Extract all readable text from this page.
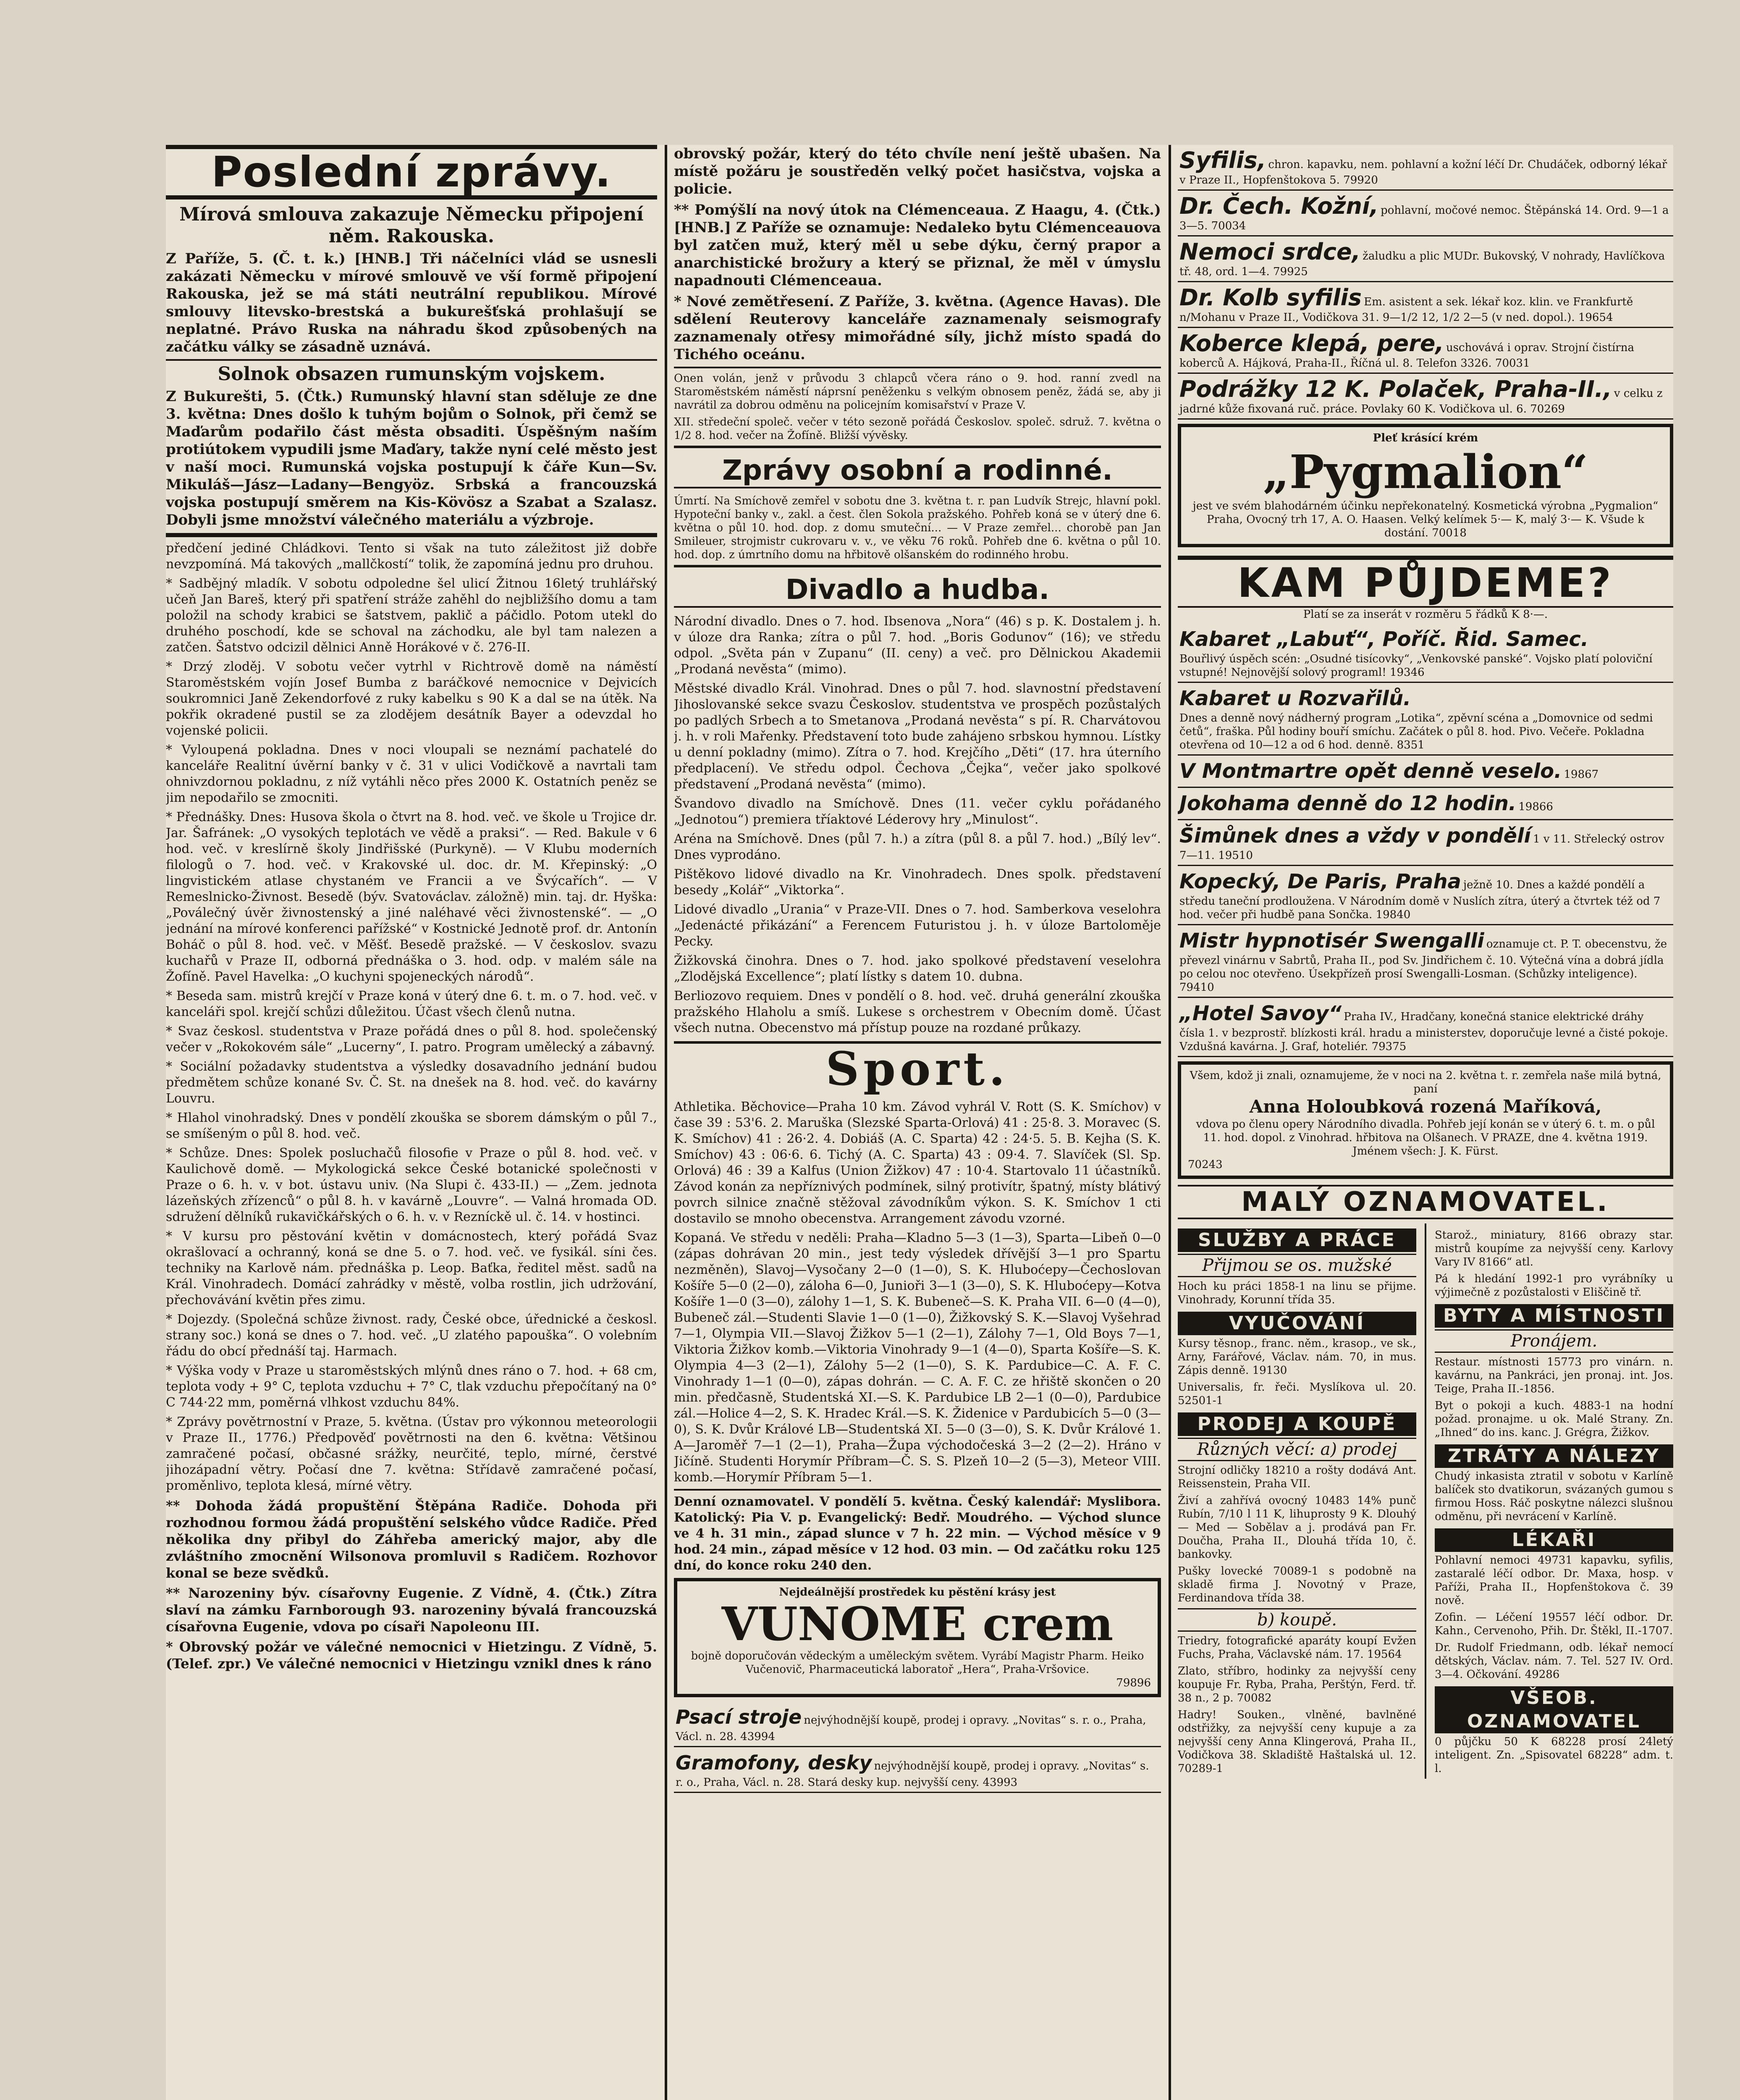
Poslední zprávy.
Mírová smlouva zakazuje Německu připojení něm. Rakouska.

Z Paříže, 5. (Č. t. k.) [HNB.] Tři náčelníci vlád se usnesli zakázati Německu v mírové smlouvě ve vší formě připojení Rakouska, jež se má státi neutrální republikou. Mírové smlouvy litevsko-brestská a bukurešťská prohlašují se neplatné. Právo Ruska na náhradu škod způsobených na začátku války se zásadně uznává.

Solnok obsazen rumunským vojskem.

Z Bukurešti, 5. (Čtk.) Rumunský hlavní stan sděluje ze dne 3. května: Dnes došlo k tuhým bojům o Solnok, při čemž se Maďarům podařilo část města obsaditi. Úspěšným naším protiútokem vypudili jsme Maďary, takže nyní celé město jest v naší moci. Rumunská vojska postupují k čáře Kun—Sv. Mikuláš—Jász—Ladany—Bengyöz. Srbská a francouzská vojska postupují směrem na Kis-Kövösz a Szabat a Szalasz. Dobyli jsme množství válečného materiálu a výzbroje.

předčení jediné Chládkovi. Tento si však na tuto záležitost již dobře nevzpomíná. Má takových „mallčkostí“ tolik, že zapomíná jednu pro druhou.

* Sadbějný mladík. V sobotu odpoledne šel ulicí Žitnou 16letý truhlářský učeň Jan Bareš, který při spatření stráže zahěhl do nejbližšího domu a tam položil na schody krabici se šatstvem, paklič a páčidlo. Potom utekl do druhého poschodí, kde se schoval na záchodku, ale byl tam nalezen a zatčen. Šatstvo odcizil dělnici Anně Horákové v č. 276-II.

* Drzý zloděj. V sobotu večer vytrhl v Richtrově domě na náměstí Staroměstském vojín Josef Bumba z baráčkové nemocnice v Dejvicích soukromnici Janě Zekendorfové z ruky kabelku s 90 K a dal se na útěk. Na pokřik okradené pustil se za zlodějem desátník Bayer a odevzdal ho vojenské policii.

* Vyloupená pokladna. Dnes v noci vloupali se neznámí pachatelé do kanceláře Realitní úvěrní banky v č. 31 v ulici Vodičkově a navrtali tam ohnivzdornou pokladnu, z níž vytáhli něco přes 2000 K. Ostatních peněz se jim nepodařilo se zmocniti.

* Přednášky. Dnes: Husova škola o čtvrt na 8. hod. več. ve škole u Trojice dr. Jar. Šafránek: „O vysokých teplotách ve vědě a praksi“. — Red. Bakule v 6 hod. več. v kreslírně školy Jindřišské (Purkyně). — V Klubu moderních filologů o 7. hod. več. v Krakovské ul. doc. dr. M. Křepinský: „O lingvistickém atlase chystaném ve Francii a ve Švýcařích“. — V Remeslnicko-Živnost. Besedě (býv. Svatováclav. záložně) min. taj. dr. Hyška: „Poválečný úvěr živnostenský a jiné naléhavé věci živnostenské“. — „O jednání na mírové konferenci pařížské“ v Kostnické Jednotě prof. dr. Antonín Boháč o půl 8. hod. več. v Měšť. Besedě pražské. — V českoslov. svazu kuchařů v Praze II, odborná přednáška o 3. hod. odp. v malém sále na Žofíně. Pavel Havelka: „O kuchyni spojeneckých národů“.

* Beseda sam. mistrů krejčí v Praze koná v úterý dne 6. t. m. o 7. hod. več. v kanceláři spol. krejčí schůzi důležitou. Účast všech členů nutna.

* Svaz českosl. studentstva v Praze pořádá dnes o půl 8. hod. společenský večer v „Rokokovém sále“ „Lucerny“, I. patro. Program umělecký a zábavný.

* Sociální požadavky studentstva a výsledky dosavadního jednání budou předmětem schůze konané Sv. Č. St. na dnešek na 8. hod. več. do kavárny Louvru.

* Hlahol vinohradský. Dnes v pondělí zkouška se sborem dámským o půl 7., se smíšeným o půl 8. hod. več.

* Schůze. Dnes: Spolek posluchačů filosofie v Praze o půl 8. hod. več. v Kaulichově domě. — Mykologická sekce České botanické společnosti v Praze o 6. h. v. v bot. ústavu univ. (Na Slupi č. 433-II.) — „Zem. jednota lázeňských zřízenců“ o půl 8. h. v kavárně „Louvre“. — Valná hromada OD. sdružení dělníků rukavičkářských o 6. h. v. v Rezníckě ul. č. 14. v hostinci.

* V kursu pro pěstování květin v domácnostech, který pořádá Svaz okrašlovací a ochranný, koná se dne 5. o 7. hod. več. ve fysikál. síni čes. techniky na Karlově nám. přednáška p. Leop. Baťka, ředitel měst. sadů na Král. Vinohradech. Domácí zahrádky v městě, volba rostlin, jich udržování, přechovávání květin přes zimu.

* Dojezdy. (Společná schůze živnost. rady, České obce, úřednické a českosl. strany soc.) koná se dnes o 7. hod. več. „U zlatého papouška“. O volebním řádu do obcí přednáší taj. Harmach.

* Výška vody v Praze u staroměstských mlýnů dnes ráno o 7. hod. + 68 cm, teplota vody + 9° C, teplota vzduchu + 7° C, tlak vzduchu přepočítaný na 0° C 744·22 mm, poměrná vlhkost vzduchu 84%.

* Zprávy povětrnostní v Praze, 5. května. (Ústav pro výkonnou meteorologii v Praze II., 1776.) Předpověď povětrnosti na den 6. května: Většinou zamračené počasí, občasné srážky, neurčité, teplo, mírné, čerstvé jihozápadní větry. Počasí dne 7. května: Střídavě zamračené počasí, proměnlivo, teplota klesá, mírné větry.

** Dohoda žádá propuštění Štěpána Radiče. Dohoda při rozhodnou formou žádá propuštění selského vůdce Radiče. Před několika dny přibyl do Záhřeba americký major, aby dle zvláštního zmocnění Wilsonova promluvil s Radičem. Rozhovor konal se beze svědků.

** Narozeniny býv. císařovny Eugenie. Z Vídně, 4. (Čtk.) Zítra slaví na zámku Farnborough 93. narozeniny bývalá francouzská císařovna Eugenie, vdova po císaři Napoleonu III.

* Obrovský požár ve válečné nemocnici v Hietzingu. Z Vídně, 5. (Telef. zpr.) Ve válečné nemocnici v Hietzingu vznikl dnes k ráno

obrovský požár, který do této chvíle není ještě ubašen. Na místě požáru je soustředěn velký počet hasičstva, vojska a policie.

** Pomýšlí na nový útok na Clémenceaua. Z Haagu, 4. (Čtk.) [HNB.] Z Paříže se oznamuje: Nedaleko bytu Clémenceauova byl zatčen muž, který měl u sebe dýku, černý prapor a anarchistické brožury a který se přiznal, že měl v úmyslu napadnouti Clémenceaua.

* Nové zemětřesení. Z Paříže, 3. května. (Agence Havas). Dle sdělení Reuterovy kanceláře zaznamenaly seismografy zaznamenaly otřesy mimořádné síly, jichž místo spadá do Tichého oceánu.

Onen volán, jenž v průvodu 3 chlapců včera ráno o 9. hod. ranní zvedl na Staroměstském náměstí náprsní peněženku s velkým obnosem peněz, žádá se, aby ji navrátil za dobrou odměnu na policejním komisařství v Praze V.

XII. středeční společ. večer v této sezoně pořádá Českoslov. společ. sdruž. 7. května o 1/2 8. hod. večer na Žofíně. Bližší vývěsky.

Zprávy osobní a rodinné.

Úmrtí. Na Smíchově zemřel v sobotu dne 3. května t. r. pan Ludvík Strejc, hlavní pokl. Hypoteční banky v., zakl. a čest. člen Sokola pražského. Pohřeb koná se v úterý dne 6. května o půl 10. hod. dop. z domu smuteční... — V Praze zemřel... chorobě pan Jan Smileuer, strojmistr cukrovaru v. v., ve věku 76 roků. Pohřeb dne 6. května o půl 10. hod. dop. z úmrtního domu na hřbitově olšanském do rodinného hrobu.

Divadlo a hudba.

Národní divadlo. Dnes o 7. hod. Ibsenova „Nora“ (46) s p. K. Dostalem j. h. v úloze dra Ranka; zítra o půl 7. hod. „Boris Godunov“ (16); ve středu odpol. „Světa pán v Zupanu“ (II. ceny) a več. pro Dělnickou Akademii „Prodaná nevěsta“ (mimo).

Městské divadlo Král. Vinohrad. Dnes o půl 7. hod. slavnostní představení Jihoslovanské sekce svazu Českoslov. studentstva ve prospěch pozůstalých po padlých Srbech a to Smetanova „Prodaná nevěsta“ s pí. R. Charvátovou j. h. v roli Mařenky. Představení toto bude zahájeno srbskou hymnou. Lístky u denní pokladny (mimo). Zítra o 7. hod. Krejčího „Děti“ (17. hra úterního předplacení). Ve středu odpol. Čechova „Čejka“, večer jako spolkové představení „Prodaná nevěsta“ (mimo).

Švandovo divadlo na Smíchově. Dnes (11. večer cyklu pořádaného „Jednotou“) premiera tříaktové Léderovy hry „Minulost“.

Aréna na Smíchově. Dnes (půl 7. h.) a zítra (půl 8. a půl 7. hod.) „Bílý lev“. Dnes vyprodáno.

Pištěkovo lidové divadlo na Kr. Vinohradech. Dnes spolk. představení besedy „Kolář“ „Viktorka“.

Lidové divadlo „Urania“ v Praze-VII. Dnes o 7. hod. Samberkova veselohra „Jedenácté přikázání“ a Ferencem Futuristou j. h. v úloze Bartoloměje Pecky.

Žižkovská činohra. Dnes o 7. hod. jako spolkové představení veselohra „Zlodějská Excellence“; platí lístky s datem 10. dubna.

Berliozovo requiem. Dnes v pondělí o 8. hod. več. druhá generální zkouška pražského Hlaholu a smíš. Lukese s orchestrem v Obecním domě. Účast všech nutna. Obecenstvo má přístup pouze na rozdané průkazy.

Sport.

Athletika. Běchovice—Praha 10 km. Závod vyhrál V. Rott (S. K. Smíchov) v čase 39 : 53'6. 2. Maruška (Slezské Sparta-Orlová) 41 : 25·8. 3. Moravec (S. K. Smíchov) 41 : 26·2. 4. Dobiáš (A. C. Sparta) 42 : 24·5. 5. B. Kejha (S. K. Smíchov) 43 : 06·6. 6. Tichý (A. C. Sparta) 43 : 09·4. 7. Slavíček (Sl. Sp. Orlová) 46 : 39 a Kalfus (Union Žižkov) 47 : 10·4. Startovalo 11 účastníků. Závod konán za nepříznivých podmínek, silný protivítr, špatný, místy blátivý povrch silnice značně stěžoval závodníkům výkon. S. K. Smíchov 1 cti dostavilo se mnoho obecenstva. Arrangement závodu vzorné.

Kopaná. Ve středu v neděli: Praha—Kladno 5—3 (1—3), Sparta—Libeň 0—0 (zápas dohrávan 20 min., jest tedy výsledek dřívější 3—1 pro Spartu nezměněn), Slavoj—Vysočany 2—0 (1—0), S. K. Hluboćepy—Čechoslovan Košíře 5—0 (2—0), záloha 6—0, Junioři 3—1 (3—0), S. K. Hluboćepy—Kotva Košíře 1—0 (3—0), zálohy 1—1, S. K. Bubeneč—S. K. Praha VII. 6—0 (4—0), Bubeneč zál.—Studenti Slavie 1—0 (1—0), Žižkovský S. K.—Slavoj Vyšehrad 7—1, Olympia VII.—Slavoj Žižkov 5—1 (2—1), Zálohy 7—1, Old Boys 7—1, Viktoria Žižkov komb.—Viktoria Vinohrady 9—1 (4—0), Sparta Košíře—S. K. Olympia 4—3 (2—1), Zálohy 5—2 (1—0), S. K. Pardubice—C. A. F. C. Vinohrady 1—1 (0—0), zápas dohrán. — C. A. F. C. ze hřiště skončen o 20 min. předčasně, Studentská XI.—S. K. Pardubice LB 2—1 (0—0), Pardubice zál.—Holice 4—2, S. K. Hradec Král.—S. K. Židenice v Pardubicích 5—0 (3—0), S. K. Dvůr Králové LB—Studentská XI. 5—0 (3—0), S. K. Dvůr Králové 1. A—Jaroměř 7—1 (2—1), Praha—Župa východočeská 3—2 (2—2). Hráno v Jičíně. Studenti Horymír Příbram—Č. S. S. Plzeň 10—2 (5—3), Meteor VIII. komb.—Horymír Příbram 5—1.

Denní oznamovatel. V pondělí 5. května. Český kalendář: Myslibora. Katolický: Pia V. p. Evangelický: Bedř. Moudrého. — Východ slunce ve 4 h. 31 min., západ slunce v 7 h. 22 min. — Východ měsíce v 9 hod. 24 min., západ měsíce v 12 hod. 03 min. — Od začátku roku 125 dní, do konce roku 240 den.

Nejdeálnější prostředek ku pěstění krásy jest
VUNOME crem
bojně doporučován vědeckým a uměleckým světem. Vyrábí Magistr Pharm. Heiko Vučenovič, Pharmaceutická laboratoř „Hera“, Praha-Vršovice.
79896
Psací stroje nejvýhodnější koupě, prodej i opravy. „Novitas“ s. r. o., Praha, Václ. n. 28. 43994
Gramofony, desky nejvýhodnější koupě, prodej i opravy. „Novitas“ s. r. o., Praha, Václ. n. 28. Stará desky kup. nejvyšší ceny. 43993
Syfilis, chron. kapavku, nem. pohlavní a kožní léčí Dr. Chudáček, odborný lékař v Praze II., Hopfenštokova 5. 79920
Dr. Čech. Kožní, pohlavní, močové nemoc. Štěpánská 14. Ord. 9—1 a 3—5. 70034
Nemoci srdce, žaludku a plic MUDr. Bukovský, V nohrady, Havlíčkova tř. 48, ord. 1—4. 79925
Dr. Kolb syfilis Em. asistent a sek. lékař koz. klin. ve Frankfurtě n/Mohanu v Praze II., Vodičkova 31. 9—1/2 12, 1/2 2—5 (v ned. dopol.). 19654
Koberce klepá, pere, uschovává i oprav. Strojní čistírna koberců A. Hájková, Praha-II., Říčná ul. 8. Telefon 3326. 70031
Podrážky 12 K. Polaček, Praha-II., v celku z jadrné kůže fixovaná ruč. práce. Povlaky 60 K. Vodičkova ul. 6. 70269
Pleť krásící krém
„Pygmalion“
jest ve svém blahodárném účinku nepřekonatelný. Kosmetická výrobna „Pygmalion“ Praha, Ovocný trh 17, A. O. Haasen. Velký kelímek 5·— K, malý 3·— K. Všude k dostání. 70018
KAM PŮJDEME?
Platí se za inserát v rozměru 5 řádků K 8·—.
Kabaret „Labuť“, Poříč. Řid. Samec.
Bouřlivý úspěch scén: „Osudné tisícovky“, „Venkovské panské“. Vojsko platí poloviční vstupné! Nejnovější solový programl! 19346
Kabaret u Rozvařilů.
Dnes a denně nový nádherný program „Lotika“, zpěvní scéna a „Domovnice od sedmi četů“, fraška. Půl hodiny bouří smíchu. Začátek o půl 8. hod. Pivo. Večeře. Pokladna otevřena od 10—12 a od 6 hod. denně. 8351
V Montmartre opět denně veselo. 19867
Jokohama denně do 12 hodin. 19866
Šimůnek dnes a vždy v pondělí 1 v 11. Střelecký ostrov 7—11. 19510
Kopecký, De Paris, Praha ježně 10. Dnes a každé pondělí a středu taneční prodloužena. V Národním domě v Nuslích zítra, úterý a čtvrtek též od 7 hod. večer při hudbě pana Sončka. 19840
Mistr hypnotisér Swengalli oznamuje ct. P. T. obecenstvu, že převezl vinárnu v Sabrtů, Praha II., pod Sv. Jindřichem č. 10. Výtečná vína a dobrá jídla po celou noc otevřeno. Úsekpřízeň prosí Swengalli-Losman. (Schůzky inteligence). 79410
„Hotel Savoy“ Praha IV., Hradčany, konečná stanice elektrické dráhy čísla 1. v bezprostř. blízkosti král. hradu a ministerstev, doporučuje levné a čisté pokoje. Vzdušná kavárna. J. Graf, hoteliér. 79375
Všem, kdož ji znali, oznamujeme, že v noci na 2. května t. r. zemřela naše milá bytná, paní
Anna Holoubková rozená Maříková,
vdova po členu opery Národního divadla. Pohřeb její konán se v úterý 6. t. m. o půl 11. hod. dopol. z Vinohrad. hřbitova na Olšanech. V PRAZE, dne 4. května 1919. Jménem všech: J. K. Fürst.
70243
MALÝ OZNAMOVATEL.
SLUŽBY A PRÁCE
Přijmou se os. mužské

Hoch ku práci 1858-1 na linu se přijme. Vinohrady, Korunní třída 35.

VYUČOVÁNÍ

Kursy těsnop., franc. něm., krasop., ve sk., Arny, Farářové, Václav. nám. 70, in mus. Zápis denně. 19130

Universalis, fr. řeči. Myslíkova ul. 20. 52501-1

PRODEJ A KOUPĚ
Různých věcí: a) prodej

Strojní odličky 18210 a rošty dodává Ant. Reissenstein, Praha VII.

Živí a zahřívá ovocný 10483 14% punč Rubín, 7/10 l 11 K, lihuprosty 9 K. Dlouhý — Med — Sobělav a j. prodává pan Fr. Doučha, Praha II., Dlouhá třída 10, č. bankovky.

Pušky lovecké 70089-1 s podobně na skladě firma J. Novotný v Praze, Ferdinandova třída 38.

b) koupě.

Triedry, fotografické aparáty koupí Evžen Fuchs, Praha, Václavské nám. 17. 19564

Zlato, stříbro, hodinky za nejvyšší ceny koupuje Fr. Ryba, Praha, Perštýn, Ferd. tř. 38 n., 2 p. 70082

Hadry! Souken., vlněné, bavlněné odstřižky, za nejvyšší ceny kupuje a za nejvyšší ceny Anna Klingerová, Praha II., Vodičkova 38. Skladiště Haštalská ul. 12. 70289-1

Starož., miniatury, 8166 obrazy star. mistrů koupíme za nejvyšší ceny. Karlovy Vary IV 8166“ atl.

Pá k hledání 1992-1 pro vyrábníky u výjimečně z pozůstalosti v Eliščině tř.

BYTY A MÍSTNOSTI
Pronájem.

Restaur. místnosti 15773 pro vinárn. n. kavárnu, na Pankráci, jen pronaj. int. Jos. Teige, Praha II.-1856.

Byt o pokoji a kuch. 4883-1 na hodní požad. pronajme. u ok. Malé Strany. Zn. „Ihned“ do ins. kanc. J. Grégra, Žižkov.

ZTRÁTY A NÁLEZY

Chudý inkasista ztratil v sobotu v Karlíně balíček sto dvatikorun, svázaných gumou s firmou Hoss. Ráč poskytne nálezci slušnou odměnu, při nevrácení v Karlíně.

LÉKAŘI

Pohlavní nemoci 49731 kapavku, syfilis, zastaralé léčí odbor. Dr. Maxa, hosp. v Paříži, Praha II., Hopfenštokova č. 39 nově.

Zofin. — Léčení 19557 léčí odbor. Dr. Kahn., Cervenoho, Přih. Dr. Štěkl, II.-1707.

Dr. Rudolf Friedmann, odb. lékař nemocí dětských, Václav. nám. 7. Tel. 527 IV. Ord. 3—4. Očkování. 49286

VŠEOB. OZNAMOVATEL

0 půjčku 50 K 68228 prosí 24letý inteligent. Zn. „Spisovatel 68228“ adm. t. l.
